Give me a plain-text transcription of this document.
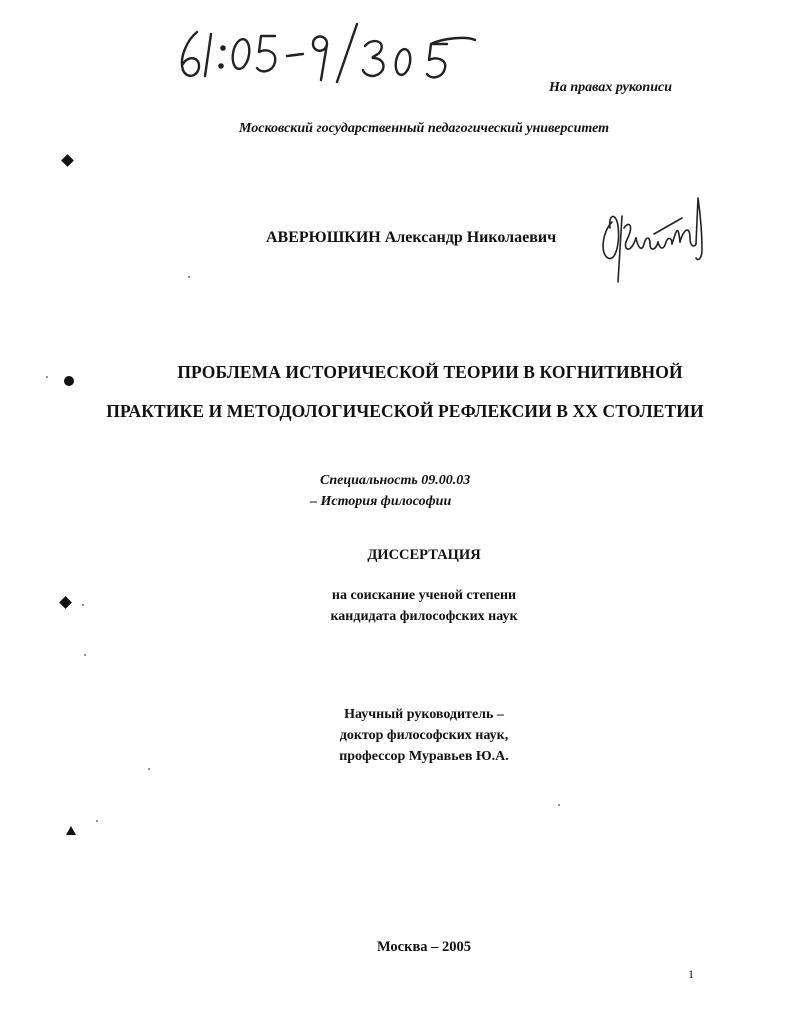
На правах рукописи
Московский государственный педагогический университет
АВЕРЮШКИН Александр Николаевич
ПРОБЛЕМА ИСТОРИЧЕСКОЙ ТЕОРИИ В КОГНИТИВНОЙ
ПРАКТИКЕ И МЕТОДОЛОГИЧЕСКОЙ РЕФЛЕКСИИ В XX СТОЛЕТИИ
Специальность 09.00.03
– История философии
ДИССЕРТАЦИЯ
на соискание ученой степени
кандидата философских наук
Научный руководитель –
доктор философских наук,
профессор Муравьев Ю.А.
Москва – 2005
1
